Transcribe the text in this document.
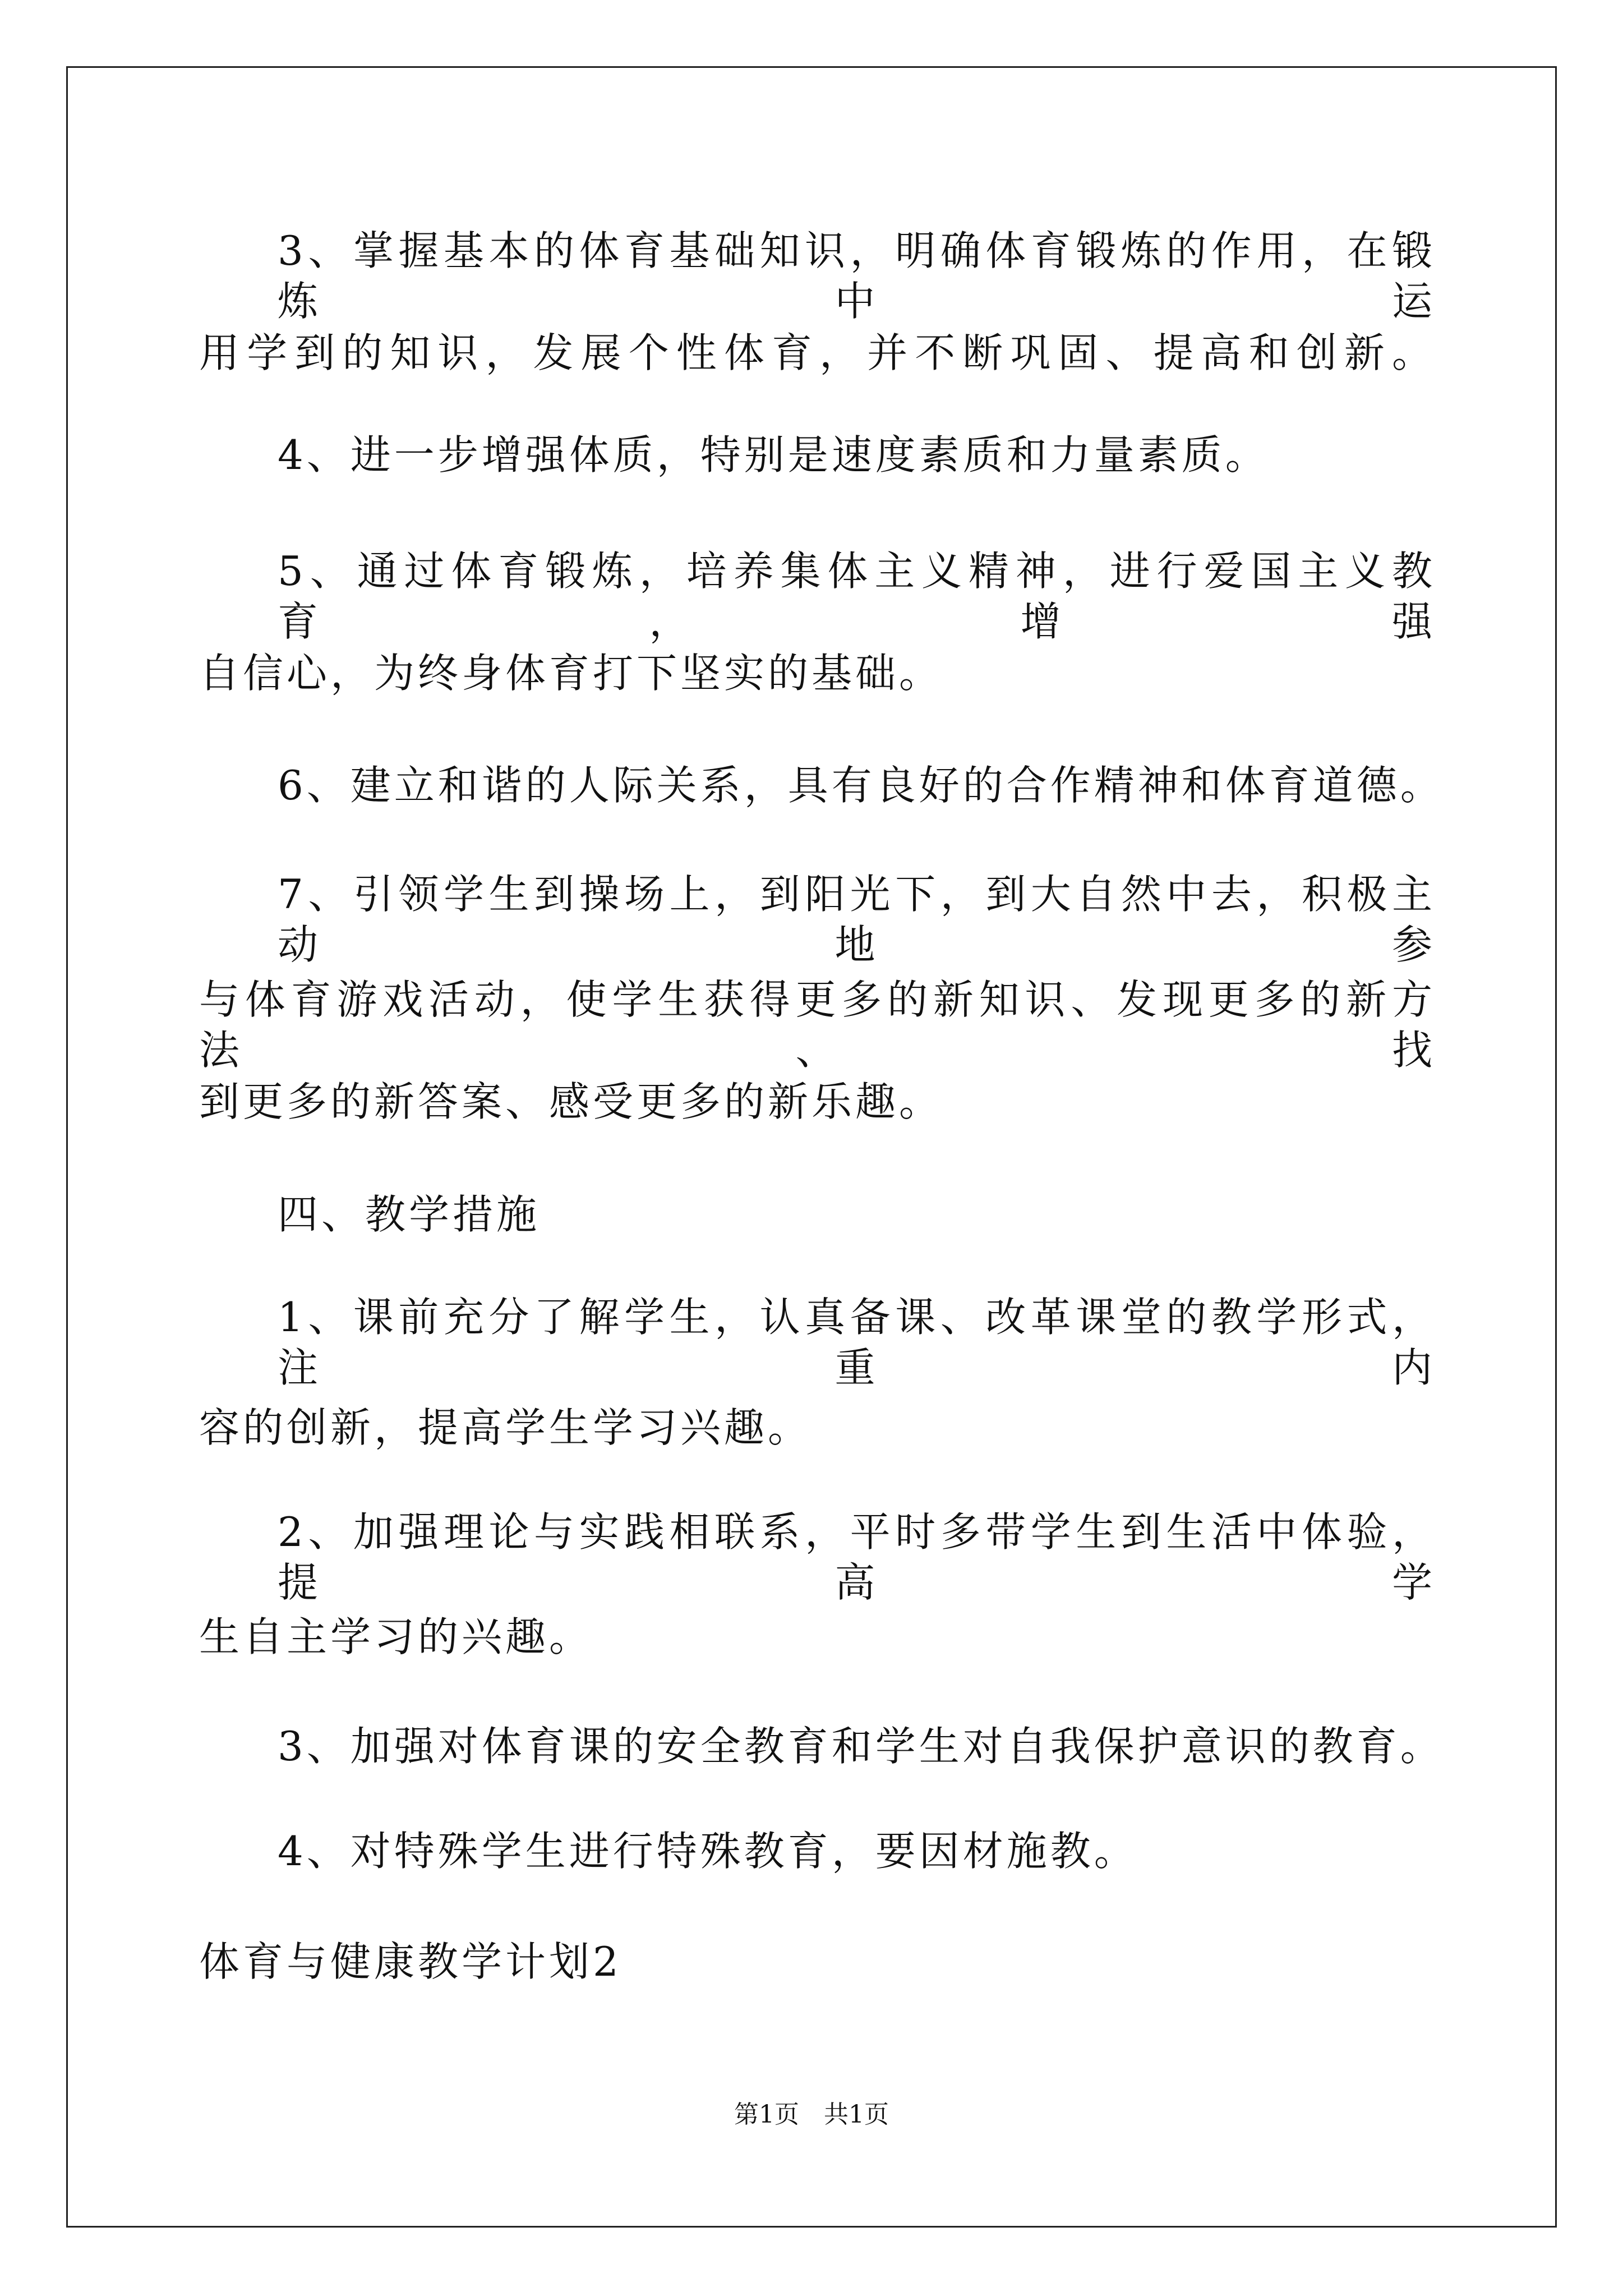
3、掌握基本的体育基础知识，明确体育锻炼的作用，在锻炼中运
用学到的知识，发展个性体育，并不断巩固、提高和创新。
4、进一步增强体质，特别是速度素质和力量素质。
5、通过体育锻炼，培养集体主义精神，进行爱国主义教育，增强
自信心，为终身体育打下坚实的基础。
6、建立和谐的人际关系，具有良好的合作精神和体育道德。
7、引领学生到操场上，到阳光下，到大自然中去，积极主动地参
与体育游戏活动，使学生获得更多的新知识、发现更多的新方法、找
到更多的新答案、感受更多的新乐趣。
四、教学措施
1、课前充分了解学生，认真备课、改革课堂的教学形式，注重内
容的创新，提高学生学习兴趣。
2、加强理论与实践相联系，平时多带学生到生活中体验，提高学
生自主学习的兴趣。
3、加强对体育课的安全教育和学生对自我保护意识的教育。
4、对特殊学生进行特殊教育，要因材施教。
体育与健康教学计划2
第1页　共1页
